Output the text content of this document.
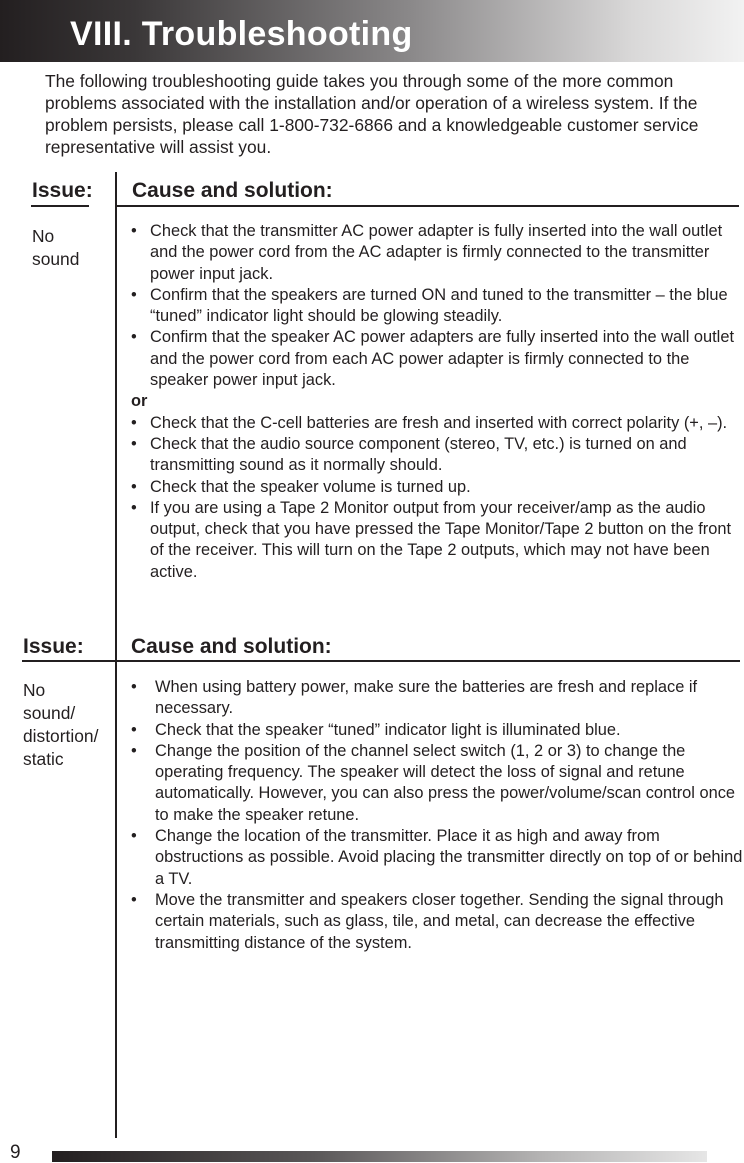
VIII. Troubleshooting

The following troubleshooting guide takes you through some of the more common problems associated with the installation and/or operation of a wireless system. If the problem persists, please call 1-800-732-6866 and a knowledgeable customer service representative will assist you.

Issue: Cause and solution:
No
sound
• Check that the transmitter AC power adapter is fully inserted into the wall outlet and the power cord from the AC adapter is firmly connected to the transmitter power input jack.
• Confirm that the speakers are turned ON and tuned to the transmitter – the blue “tuned” indicator light should be glowing steadily.
• Confirm that the speaker AC power adapters are fully inserted into the wall outlet and the power cord from each AC power adapter is firmly connected to the speaker power input jack.
or
• Check that the C-cell batteries are fresh and inserted with correct polarity (+, –).
• Check that the audio source component (stereo, TV, etc.) is turned on and transmitting sound as it normally should.
• Check that the speaker volume is turned up.
• If you are using a Tape 2 Monitor output from your receiver/amp as the audio output, check that you have pressed the Tape Monitor/Tape 2 button on the front of the receiver. This will turn on the Tape 2 outputs, which may not have been active.
Issue: Cause and solution:
No
sound/
distortion/
static
• When using battery power, make sure the batteries are fresh and replace if necessary.
• Check that the speaker “tuned” indicator light is illuminated blue.
• Change the position of the channel select switch (1, 2 or 3) to change the operating frequency. The speaker will detect the loss of signal and retune automatically. However, you can also press the power/volume/scan control once to make the speaker retune.
• Change the location of the transmitter. Place it as high and away from obstructions as possible. Avoid placing the transmitter directly on top of or behind a TV.
• Move the transmitter and speakers closer together. Sending the signal through certain materials, such as glass, tile, and metal, can decrease the effective transmitting distance of the system.

9
